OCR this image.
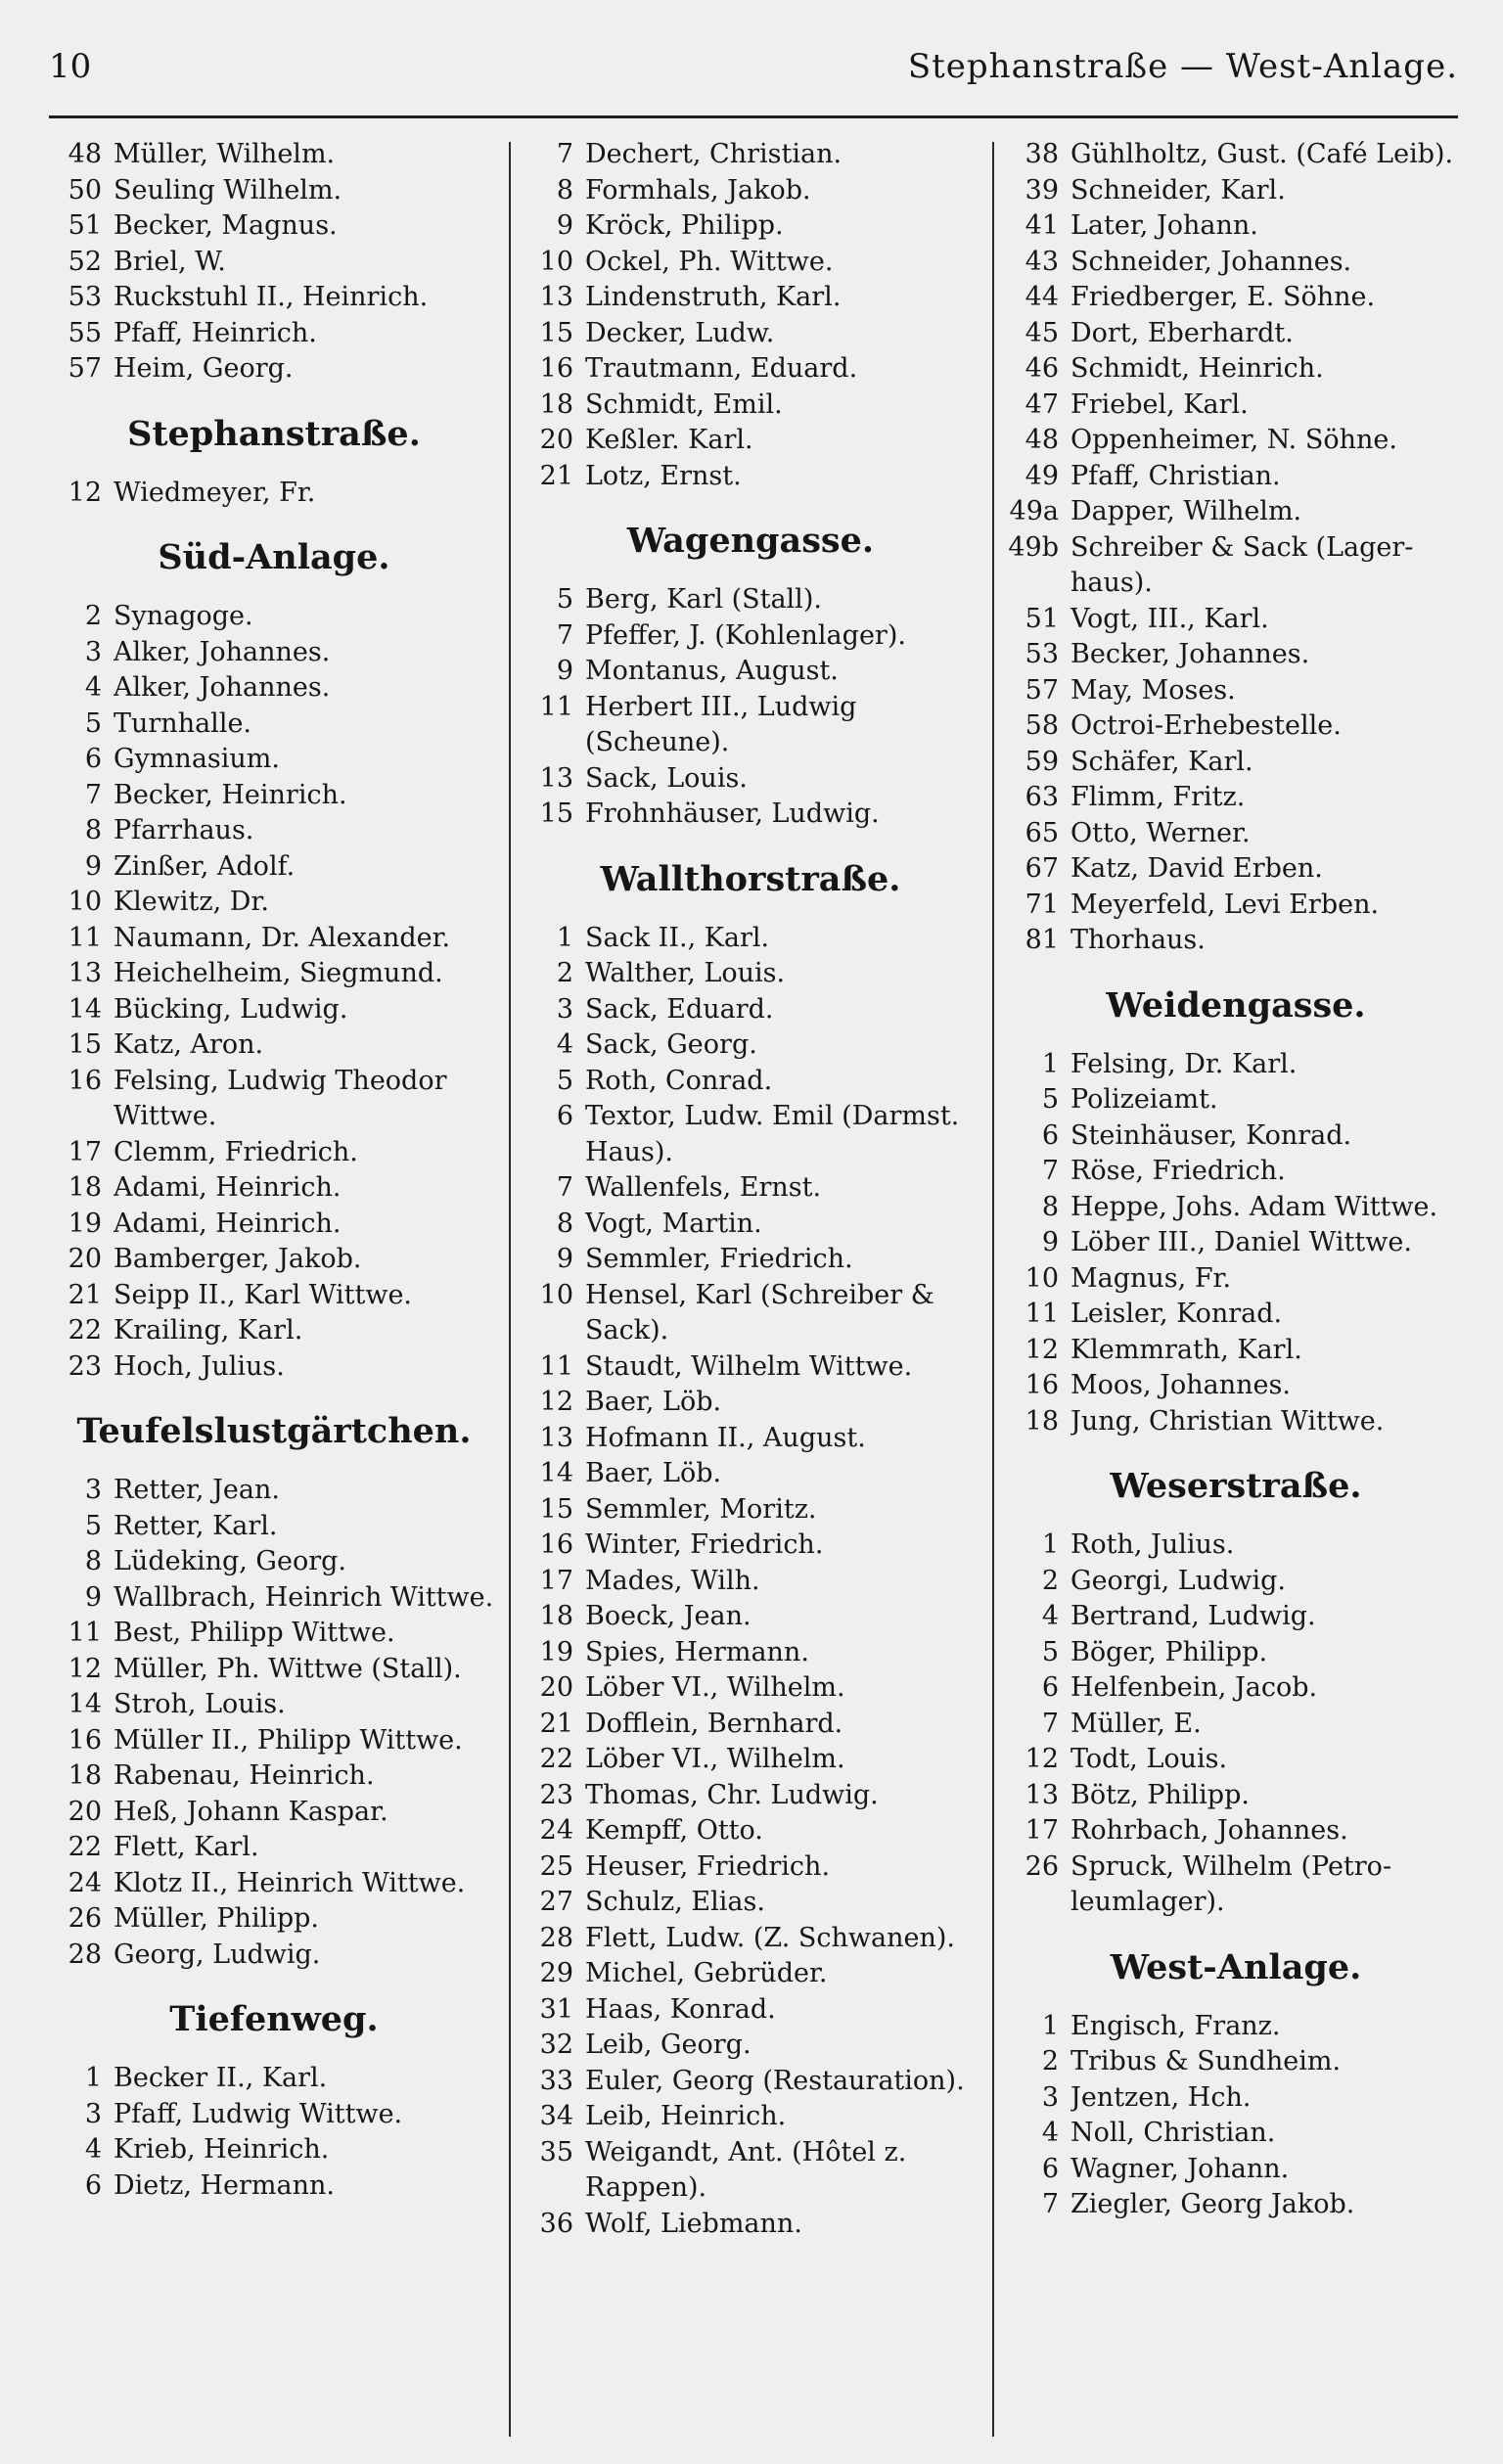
10	Stephanstraße — West-Anlage.
48 Müller, Wilhelm.
50 Seuling Wilhelm.
51 Becker, Magnus.
52 Briel, W.
53 Ruckstuhl II., Heinrich.
55 Pfaff, Heinrich.
57 Heim, Georg.
Stephanstraße.
12 Wiedmeyer, Fr.
Süd-Anlage.
2 Synagoge.
3 Alker, Johannes.
4 Alker, Johannes.
5 Turnhalle.
6 Gymnasium.
7 Becker, Heinrich.
8 Pfarrhaus.
9 Zinßer, Adolf.
10 Klewitz, Dr.
11 Naumann, Dr. Alexander.
13 Heichelheim, Siegmund.
14 Bücking, Ludwig.
15 Katz, Aron.
16 Felsing, Ludwig Theodor
Wittwe.
17 Clemm, Friedrich.
18 Adami, Heinrich.
19 Adami, Heinrich.
20 Bamberger, Jakob.
21 Seipp II., Karl Wittwe.
22 Krailing, Karl.
23 Hoch, Julius.
Teufelslustgärtchen.
3 Retter, Jean.
5 Retter, Karl.
8 Lüdeking, Georg.
9 Wallbrach, Heinrich Wittwe.
11 Best, Philipp Wittwe.
12 Müller, Ph. Wittwe (Stall).
14 Stroh, Louis.
16 Müller II., Philipp Wittwe.
18 Rabenau, Heinrich.
20 Heß, Johann Kaspar.
22 Flett, Karl.
24 Klotz II., Heinrich Wittwe.
26 Müller, Philipp.
28 Georg, Ludwig.
Tiefenweg.
1 Becker II., Karl.
3 Pfaff, Ludwig Wittwe.
4 Krieb, Heinrich.
6 Dietz, Hermann.
7 Dechert, Christian.
8 Formhals, Jakob.
9 Kröck, Philipp.
10 Ockel, Ph. Wittwe.
13 Lindenstruth, Karl.
15 Decker, Ludw.
16 Trautmann, Eduard.
18 Schmidt, Emil.
20 Keßler. Karl.
21 Lotz, Ernst.
Wagengasse.
5 Berg, Karl (Stall).
7 Pfeffer, J. (Kohlenlager).
9 Montanus, August.
11 Herbert III., Ludwig
(Scheune).
13 Sack, Louis.
15 Frohnhäuser, Ludwig.
Wallthorstraße.
1 Sack II., Karl.
2 Walther, Louis.
3 Sack, Eduard.
4 Sack, Georg.
5 Roth, Conrad.
6 Textor, Ludw. Emil (Darmst.
Haus).
7 Wallenfels, Ernst.
8 Vogt, Martin.
9 Semmler, Friedrich.
10 Hensel, Karl (Schreiber &
Sack).
11 Staudt, Wilhelm Wittwe.
12 Baer, Löb.
13 Hofmann II., August.
14 Baer, Löb.
15 Semmler, Moritz.
16 Winter, Friedrich.
17 Mades, Wilh.
18 Boeck, Jean.
19 Spies, Hermann.
20 Löber VI., Wilhelm.
21 Dofflein, Bernhard.
22 Löber VI., Wilhelm.
23 Thomas, Chr. Ludwig.
24 Kempff, Otto.
25 Heuser, Friedrich.
27 Schulz, Elias.
28 Flett, Ludw. (Z. Schwanen).
29 Michel, Gebrüder.
31 Haas, Konrad.
32 Leib, Georg.
33 Euler, Georg (Restauration).
34 Leib, Heinrich.
35 Weigandt, Ant. (Hôtel z.
Rappen).
36 Wolf, Liebmann.
38 Gühlholtz, Gust. (Café Leib).
39 Schneider, Karl.
41 Later, Johann.
43 Schneider, Johannes.
44 Friedberger, E. Söhne.
45 Dort, Eberhardt.
46 Schmidt, Heinrich.
47 Friebel, Karl.
48 Oppenheimer, N. Söhne.
49 Pfaff, Christian.
49a Dapper, Wilhelm.
49b Schreiber & Sack (Lager-
haus).
51 Vogt, III., Karl.
53 Becker, Johannes.
57 May, Moses.
58 Octroi-Erhebestelle.
59 Schäfer, Karl.
63 Flimm, Fritz.
65 Otto, Werner.
67 Katz, David Erben.
71 Meyerfeld, Levi Erben.
81 Thorhaus.
Weidengasse.
1 Felsing, Dr. Karl.
5 Polizeiamt.
6 Steinhäuser, Konrad.
7 Röse, Friedrich.
8 Heppe, Johs. Adam Wittwe.
9 Löber III., Daniel Wittwe.
10 Magnus, Fr.
11 Leisler, Konrad.
12 Klemmrath, Karl.
16 Moos, Johannes.
18 Jung, Christian Wittwe.
Weserstraße.
1 Roth, Julius.
2 Georgi, Ludwig.
4 Bertrand, Ludwig.
5 Böger, Philipp.
6 Helfenbein, Jacob.
7 Müller, E.
12 Todt, Louis.
13 Bötz, Philipp.
17 Rohrbach, Johannes.
26 Spruck, Wilhelm (Petro-
leumlager).
West-Anlage.
1 Engisch, Franz.
2 Tribus & Sundheim.
3 Jentzen, Hch.
4 Noll, Christian.
6 Wagner, Johann.
7 Ziegler, Georg Jakob.
